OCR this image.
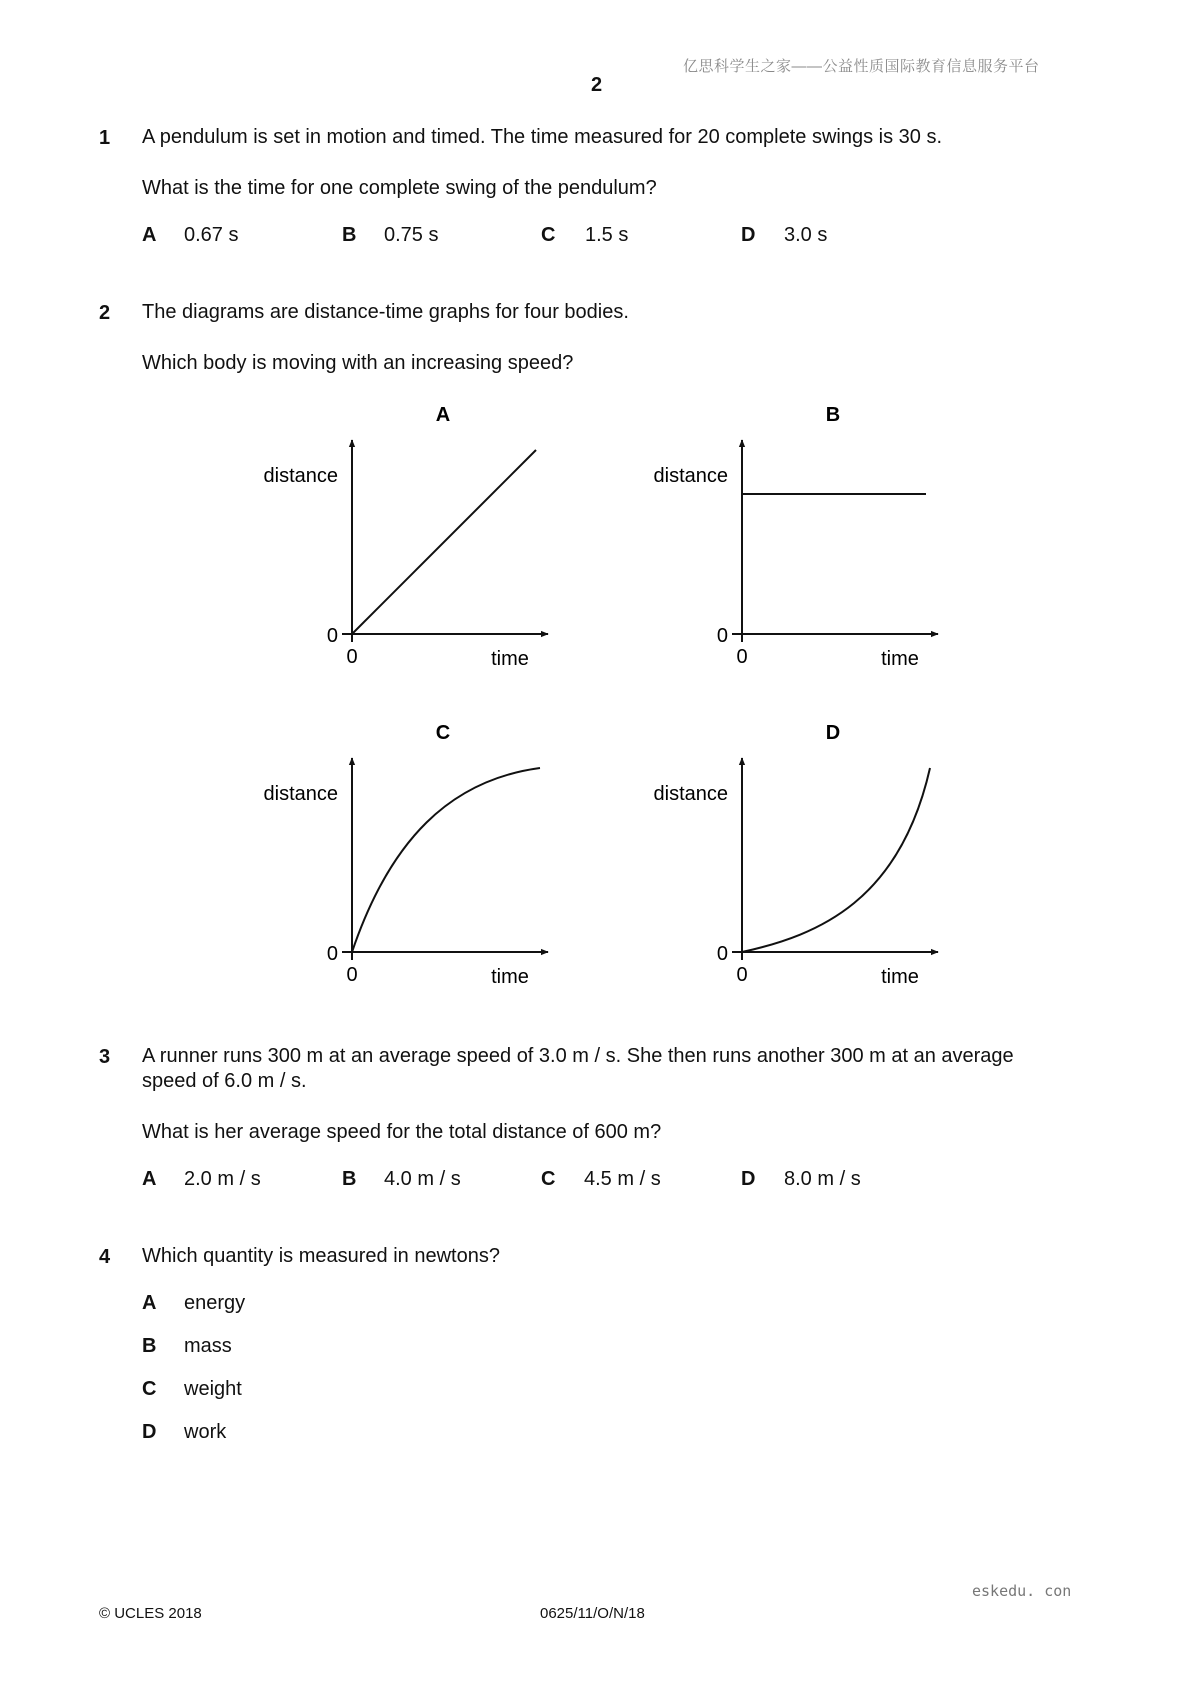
亿思科学生之家——公益性质国际教育信息服务平台
2
1 A pendulum is set in motion and timed. The time measured for 20 complete swings is 30 s.
What is the time for one complete swing of the pendulum?
A 0.67 s	B 0.75 s	C 1.5 s	D 3.0 s
2 The diagrams are distance-time graphs for four bodies.
Which body is moving with an increasing speed?
A
distance
0
0	time
B
distance
0
0	time
C
distance
0
0	time
D
distance
0
0	time
3 A runner runs 300 m at an average speed of 3.0 m / s. She then runs another 300 m at an average
speed of 6.0 m / s.
What is her average speed for the total distance of 600 m?
A 2.0 m / s	B 4.0 m / s	C 4.5 m / s	D 8.0 m / s
4 Which quantity is measured in newtons?
A energy
B mass
C weight
D work
eskedu. con
© UCLES 2018	0625/11/O/N/18
